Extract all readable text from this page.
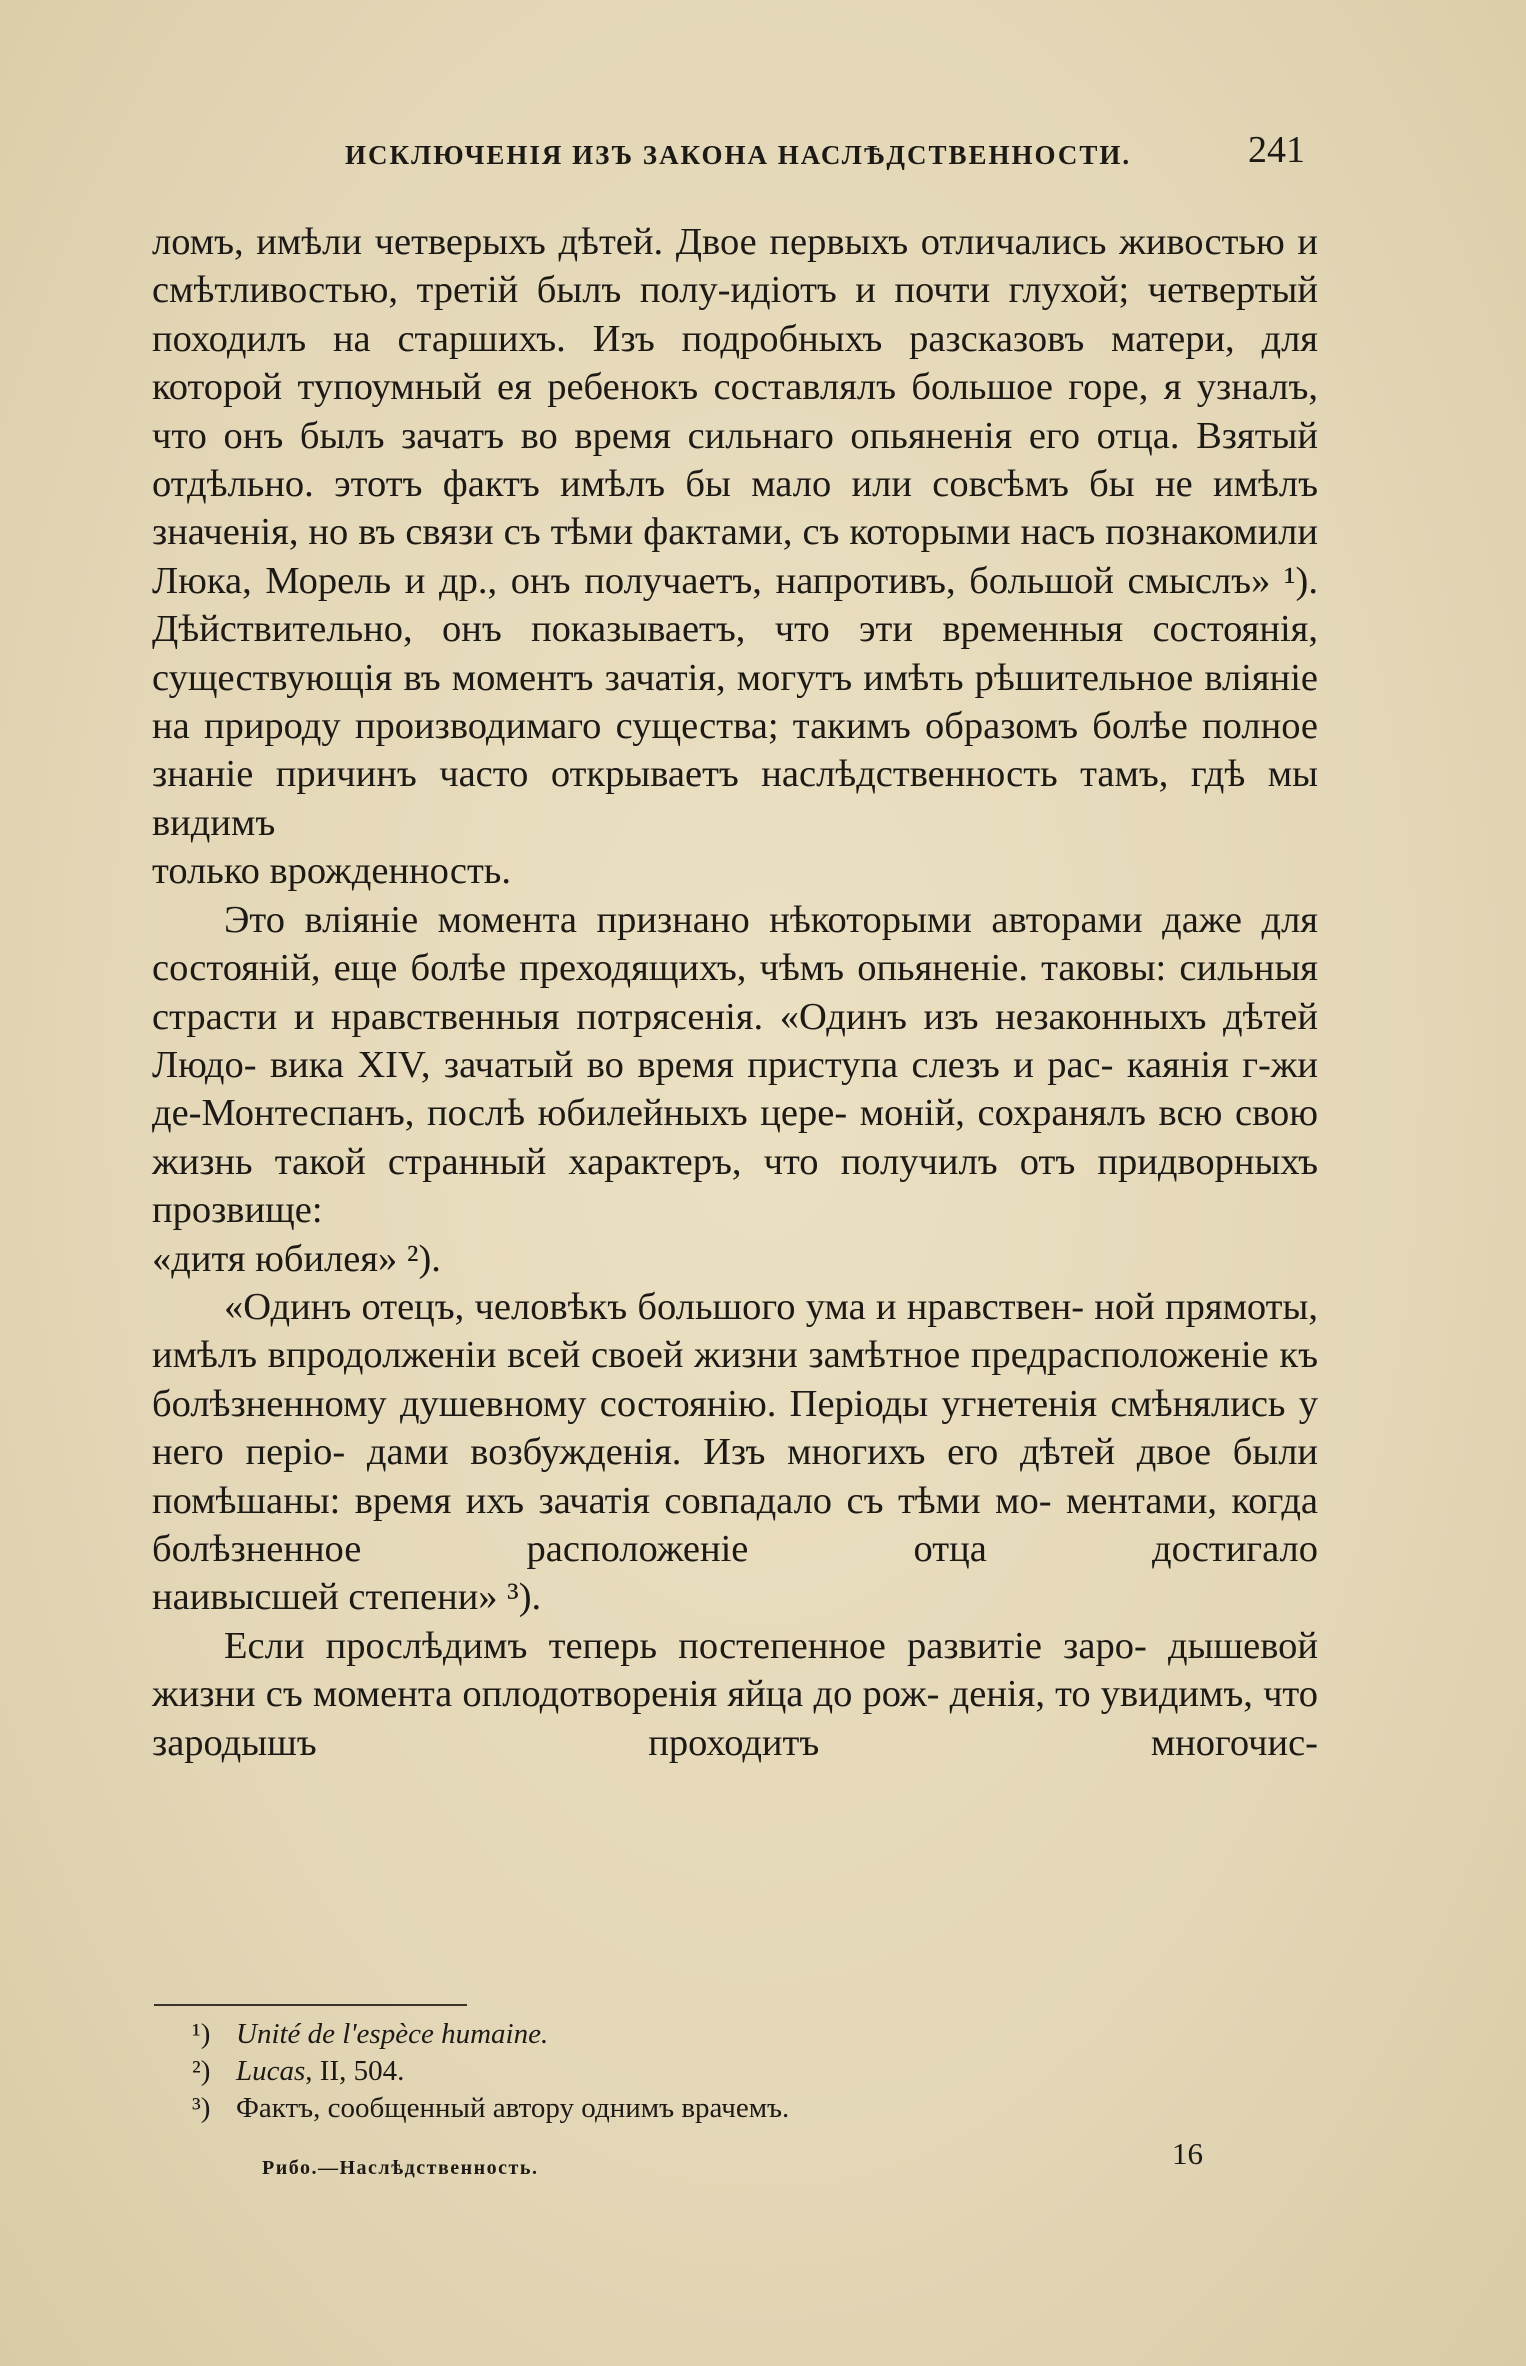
ИСКЛЮЧЕНІЯ ИЗЪ ЗАКОНА НАСЛѢДСТВЕННОСТИ.	241

ломъ, имѣли четверыхъ дѣтей. Двое первыхъ отличались живостью и смѣтливостью, третій былъ полу-идіотъ и почти глухой; четвертый походилъ на старшихъ. Изъ подробныхъ разсказовъ матери, для которой тупоумный ея ребенокъ составлялъ большое горе, я узналъ, что онъ былъ зачатъ во время сильнаго опьяненія его отца. Взятый отдѣльно. этотъ фактъ имѣлъ бы мало или совсѣмъ бы не имѣлъ значенія, но въ связи съ тѣми фактами, съ которыми насъ познакомили Люка, Морель и др., онъ получаетъ, напротивъ, большой смыслъ» ¹). Дѣйствительно, онъ показываетъ, что эти временныя состоянія, существующія въ моментъ зачатія, могутъ имѣть рѣшительное вліяніе на природу производимаго существа; такимъ образомъ болѣе полное знаніе причинъ часто открываетъ наслѣдственность тамъ, гдѣ мы видимъ

только врожденность.

Это вліяніе момента признано нѣкоторыми авторами даже для состояній, еще болѣе преходящихъ, чѣмъ опьяненіе. таковы: сильныя страсти и нравственныя потрясенія. «Одинъ изъ незаконныхъ дѣтей Людо- вика XIV, зачатый во время приступа слезъ и рас- каянія г-жи де-Монтеспанъ, послѣ юбилейныхъ цере- моній, сохранялъ всю свою жизнь такой странный характеръ, что получилъ отъ придворныхъ прозвище:

«дитя юбилея» ²).

«Одинъ отецъ, человѣкъ большого ума и нравствен- ной прямоты, имѣлъ впродолженіи всей своей жизни замѣтное предрасположеніе къ болѣзненному душевному состоянію. Періоды угнетенія смѣнялись у него періо- дами возбужденія. Изъ многихъ его дѣтей двое были помѣшаны: время ихъ зачатія совпадало съ тѣми мо- ментами, когда болѣзненное расположеніе отца достигало

наивысшей степени» ³).

Если прослѣдимъ теперь постепенное развитіе заро- дышевой жизни съ момента оплодотворенія яйца до рож- денія, то увидимъ, что зародышъ проходитъ многочис-

¹) Unité de l'espèce humaine.
²) Lucas, II, 504.
³) Фактъ, сообщенный автору однимъ врачемъ.
Рибо.—Наслѣдственность.	16
